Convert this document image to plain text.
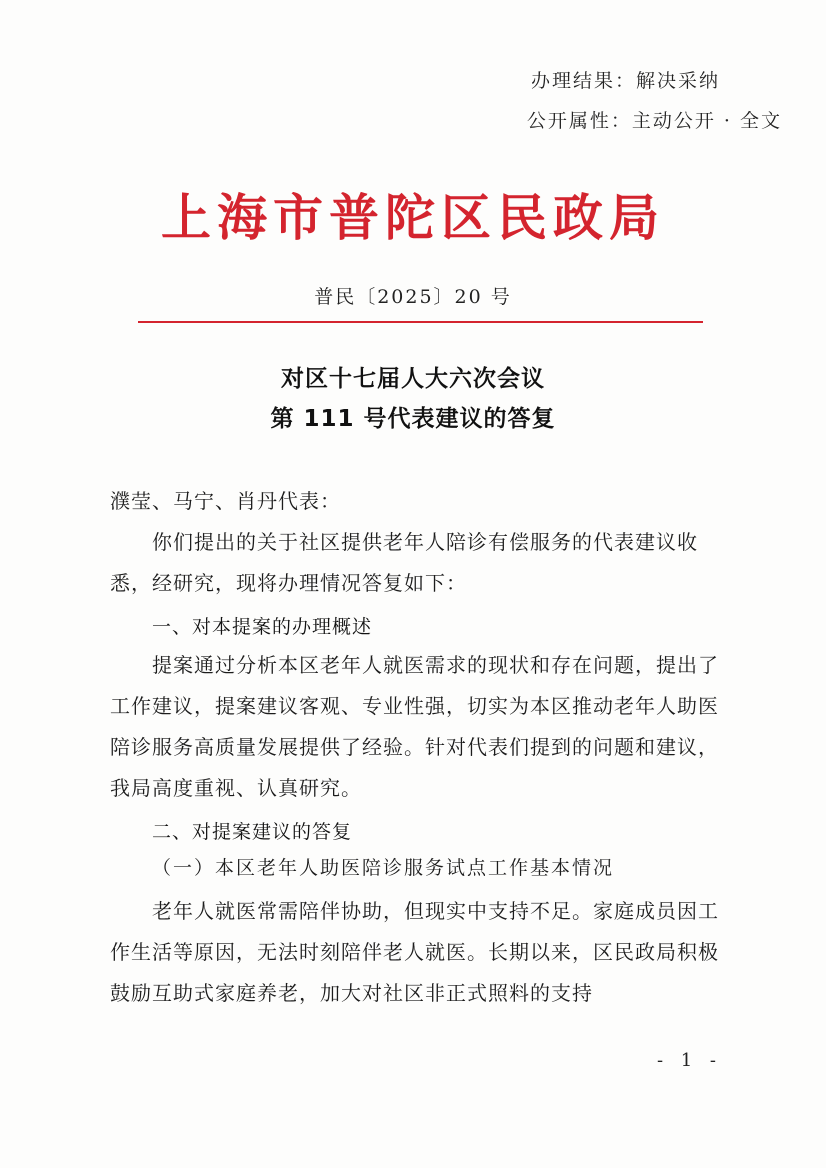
办理结果：解决采纳
公开属性：主动公开 · 全文
上海市普陀区民政局
普民〔2025〕20 号
对区十七届人大六次会议
第 111 号代表建议的答复
濮莹、马宁、肖丹代表：
你们提出的关于社区提供老年人陪诊有偿服务的代表建议收悉，经研究，现将办理情况答复如下：
一、对本提案的办理概述
提案通过分析本区老年人就医需求的现状和存在问题，提出了工作建议，提案建议客观、专业性强，切实为本区推动老年人助医陪诊服务高质量发展提供了经验。针对代表们提到的问题和建议，我局高度重视、认真研究。
二、对提案建议的答复
（一）本区老年人助医陪诊服务试点工作基本情况
老年人就医常需陪伴协助，但现实中支持不足。家庭成员因工作生活等原因，无法时刻陪伴老人就医。长期以来，区民政局积极鼓励互助式家庭养老，加大对社区非正式照料的支持
- 1 -
